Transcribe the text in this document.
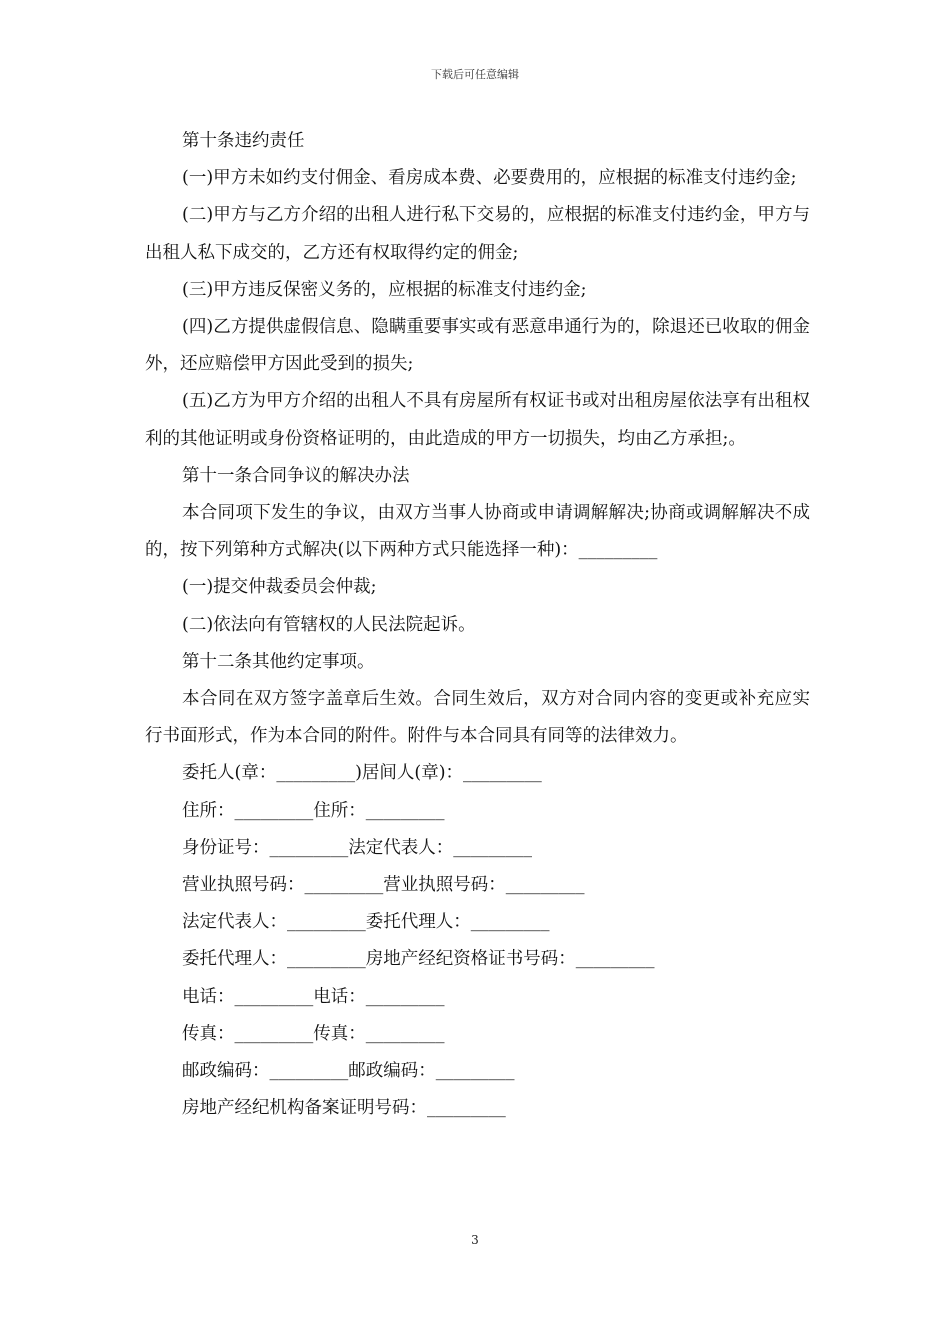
下载后可任意编辑

第十条违约责任

(一)甲方未如约支付佣金、看房成本费、必要费用的，应根据的标准支付违约金;

(二)甲方与乙方介绍的出租人进行私下交易的，应根据的标准支付违约金，甲方与出租人私下成交的，乙方还有权取得约定的佣金;

(三)甲方违反保密义务的，应根据的标准支付违约金;

(四)乙方提供虚假信息、隐瞒重要事实或有恶意串通行为的，除退还已收取的佣金外，还应赔偿甲方因此受到的损失;

(五)乙方为甲方介绍的出租人不具有房屋所有权证书或对出租房屋依法享有出租权利的其他证明或身份资格证明的，由此造成的甲方一切损失，均由乙方承担;。

第十一条合同争议的解决办法

本合同项下发生的争议，由双方当事人协商或申请调解解决;协商或调解解决不成的，按下列第种方式解决(以下两种方式只能选择一种)：_________

(一)提交仲裁委员会仲裁;

(二)依法向有管辖权的人民法院起诉。

第十二条其他约定事项。

本合同在双方签字盖章后生效。合同生效后，双方对合同内容的变更或补充应实行书面形式，作为本合同的附件。附件与本合同具有同等的法律效力。

委托人(章：_________)居间人(章)：_________

住所：_________住所：_________

身份证号：_________法定代表人：_________

营业执照号码：_________营业执照号码：_________

法定代表人：_________委托代理人：_________

委托代理人：_________房地产经纪资格证书号码：_________

电话：_________电话：_________

传真：_________传真：_________

邮政编码：_________邮政编码：_________

房地产经纪机构备案证明号码：_________

3
